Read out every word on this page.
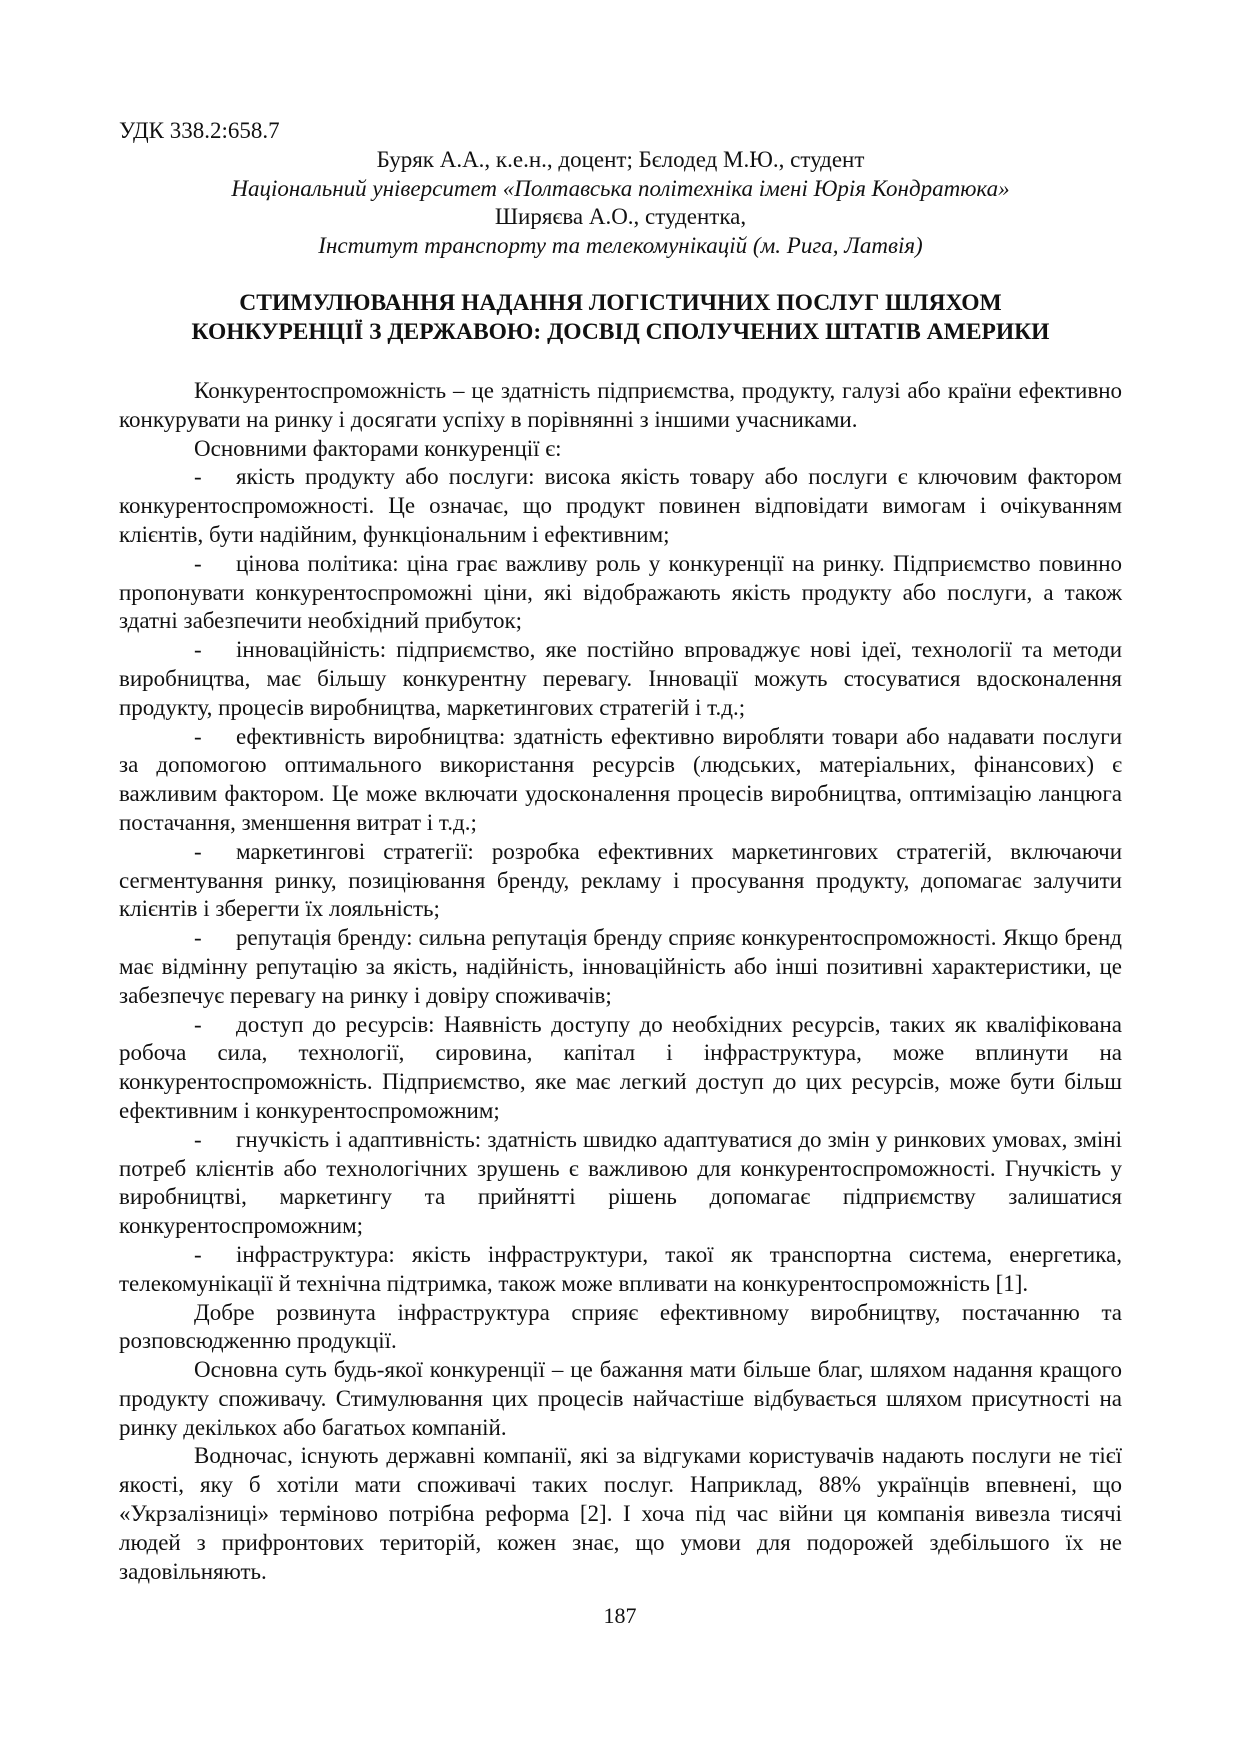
УДК 338.2:658.7
Буряк А.А., к.е.н., доцент; Бєлодед М.Ю., студент
Національний університет «Полтавська політехніка імені Юрія Кондратюка»
Ширяєва А.О., студентка,
Інститут транспорту та телекомунікацій (м. Рига, Латвія)
СТИМУЛЮВАННЯ НАДАННЯ ЛОГІСТИЧНИХ ПОСЛУГ ШЛЯХОМ
КОНКУРЕНЦІЇ З ДЕРЖАВОЮ: ДОСВІД СПОЛУЧЕНИХ ШТАТІВ АМЕРИКИ

Конкурентоспроможність – це здатність підприємства, продукту, галузі або країни ефективно конкурувати на ринку і досягати успіху в порівнянні з іншими учасниками.

Основними факторами конкуренції є:

- якість продукту або послуги: висока якість товару або послуги є ключовим фактором конкурентоспроможності. Це означає, що продукт повинен відповідати вимогам і очікуванням клієнтів, бути надійним, функціональним і ефективним;

- цінова політика: ціна грає важливу роль у конкуренції на ринку. Підприємство повинно пропонувати конкурентоспроможні ціни, які відображають якість продукту або послуги, а також здатні забезпечити необхідний прибуток;

- інноваційність: підприємство, яке постійно впроваджує нові ідеї, технології та методи виробництва, має більшу конкурентну перевагу. Інновації можуть стосуватися вдосконалення продукту, процесів виробництва, маркетингових стратегій і т.д.;

- ефективність виробництва: здатність ефективно виробляти товари або надавати послуги за допомогою оптимального використання ресурсів (людських, матеріальних, фінансових) є важливим фактором. Це може включати удосконалення процесів виробництва, оптимізацію ланцюга постачання, зменшення витрат і т.д.;

- маркетингові стратегії: розробка ефективних маркетингових стратегій, включаючи сегментування ринку, позиціювання бренду, рекламу і просування продукту, допомагає залучити клієнтів і зберегти їх лояльність;

- репутація бренду: сильна репутація бренду сприяє конкурентоспроможності. Якщо бренд має відмінну репутацію за якість, надійність, інноваційність або інші позитивні характеристики, це забезпечує перевагу на ринку і довіру споживачів;

- доступ до ресурсів: Наявність доступу до необхідних ресурсів, таких як кваліфікована робоча сила, технології, сировина, капітал і інфраструктура, може вплинути на конкурентоспроможність. Підприємство, яке має легкий доступ до цих ресурсів, може бути більш ефективним і конкурентоспроможним;

- гнучкість і адаптивність: здатність швидко адаптуватися до змін у ринкових умовах, зміні потреб клієнтів або технологічних зрушень є важливою для конкурентоспроможності. Гнучкість у виробництві, маркетингу та прийнятті рішень допомагає підприємству залишатися конкурентоспроможним;

- інфраструктура: якість інфраструктури, такої як транспортна система, енергетика, телекомунікації й технічна підтримка, також може впливати на конкурентоспроможність [1].

Добре розвинута інфраструктура сприяє ефективному виробництву, постачанню та розповсюдженню продукції.

Основна суть будь-якої конкуренції – це бажання мати більше благ, шляхом надання кращого продукту споживачу. Стимулювання цих процесів найчастіше відбувається шляхом присутності на ринку декількох або багатьох компаній.

Водночас, існують державні компанії, які за відгуками користувачів надають послуги не тієї якості, яку б хотіли мати споживачі таких послуг. Наприклад, 88% українців впевнені, що «Укрзалізниці» терміново потрібна реформа [2]. І хоча під час війни ця компанія вивезла тисячі людей з прифронтових територій, кожен знає, що умови для подорожей здебільшого їх не задовільняють.

187
